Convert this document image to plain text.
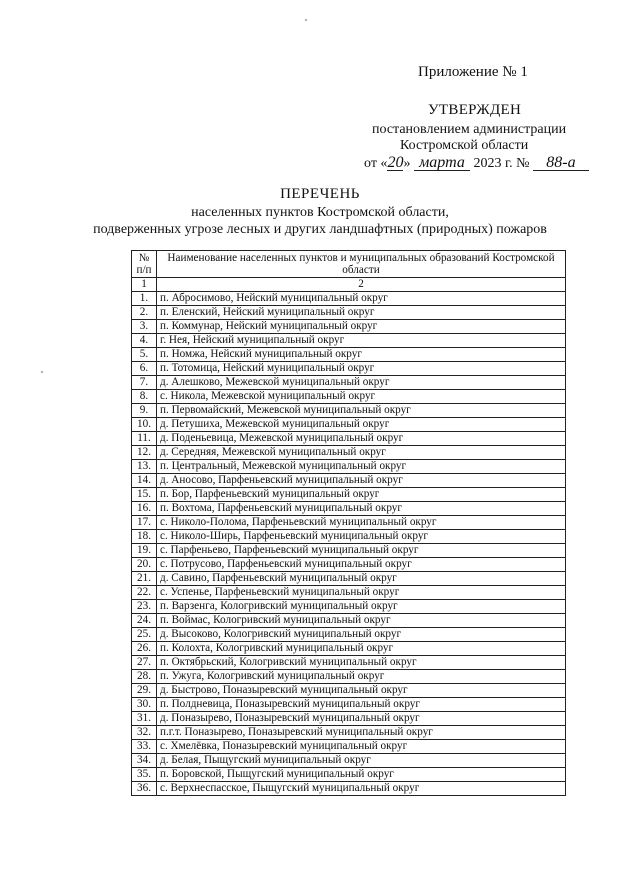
Приложение № 1
УТВЕРЖДЕН
постановлением администрации
Костромской области
от «20» марта 2023 г. № 88-а
ПЕРЕЧЕНЬ
населенных пунктов Костромской области,
подверженных угрозе лесных и других ландшафтных (природных) пожаров
№ п/п	Наименование населенных пунктов и муниципальных образований Костромской области
1	2
1.	п. Абросимово, Нейский муниципальный округ
2.	п. Еленский, Нейский муниципальный округ
3.	п. Коммунар, Нейский муниципальный округ
4.	г. Нея, Нейский муниципальный округ
5.	п. Номжа, Нейский муниципальный округ
6.	п. Тотомица, Нейский муниципальный округ
7.	д. Алешково, Межевской муниципальный округ
8.	с. Никола, Межевской муниципальный округ
9.	п. Первомайский, Межевской муниципальный округ
10.	д. Петушиха, Межевской муниципальный округ
11.	д. Поденьевица, Межевской муниципальный округ
12.	д. Середняя, Межевской муниципальный округ
13.	п. Центральный, Межевской муниципальный округ
14.	д. Аносово, Парфеньевский муниципальный округ
15.	п. Бор, Парфеньевский муниципальный округ
16.	п. Вохтома, Парфеньевский муниципальный округ
17.	с. Николо-Полома, Парфеньевский муниципальный округ
18.	с. Николо-Ширь, Парфеньевский муниципальный округ
19.	с. Парфеньево, Парфеньевский муниципальный округ
20.	с. Потрусово, Парфеньевский муниципальный округ
21.	д. Савино, Парфеньевский муниципальный округ
22.	с. Успенье, Парфеньевский муниципальный округ
23.	п. Варзенга, Кологривский муниципальный округ
24.	п. Воймас, Кологривский муниципальный округ
25.	д. Высоково, Кологривский муниципальный округ
26.	п. Колохта, Кологривский муниципальный округ
27.	п. Октябрьский, Кологривский муниципальный округ
28.	п. Ужуга, Кологривский муниципальный округ
29.	д. Быстрово, Поназыревский муниципальный округ
30.	п. Полдневица, Поназыревский муниципальный округ
31.	д. Поназырево, Поназыревский муниципальный округ
32.	п.г.т. Поназырево, Поназыревский муниципальный округ
33.	с. Хмелёвка, Поназыревский муниципальный округ
34.	д. Белая, Пыщугский муниципальный округ
35.	п. Боровской, Пыщугский муниципальный округ
36.	с. Верхнеспасское, Пыщугский муниципальный округ
